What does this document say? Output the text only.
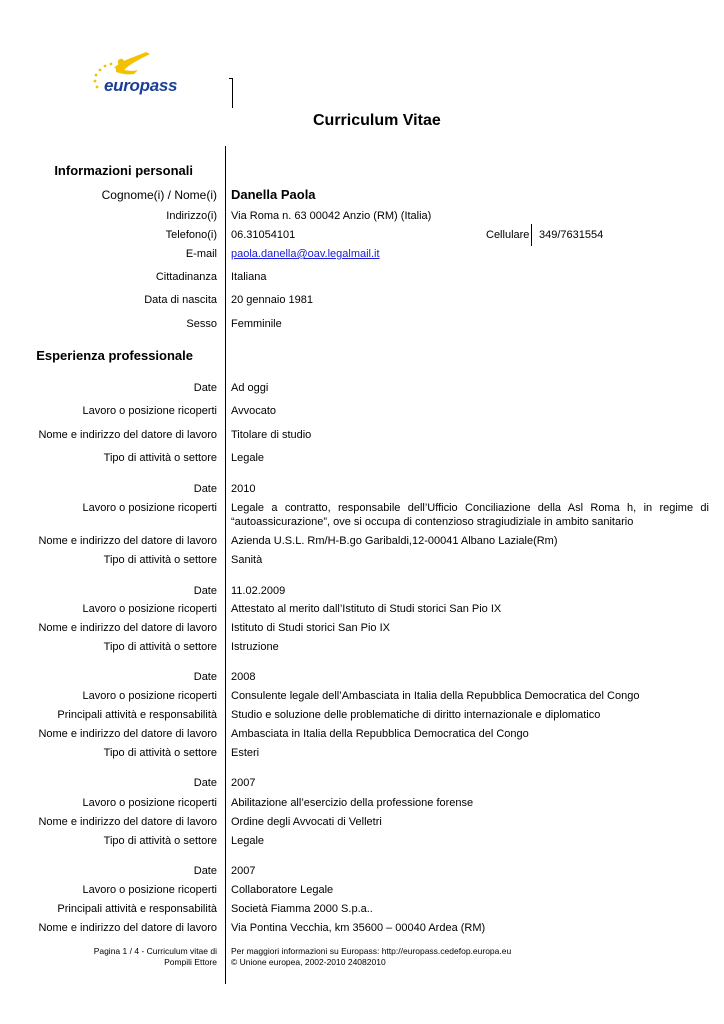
europass
Curriculum Vitae
Informazioni personali
Cognome(i) / Nome(i) Danella Paola
Indirizzo(i) Via Roma n. 63 00042 Anzio (RM) (Italia)
Telefono(i) 06.31054101	Cellulare 349/7631554
E-mail paola.danella@oav.legalmail.it
Cittadinanza Italiana
Data di nascita 20 gennaio 1981
Sesso Femminile
Esperienza professionale
Date Ad oggi
Lavoro o posizione ricoperti Avvocato
Nome e indirizzo del datore di lavoro Titolare di studio
Tipo di attività o settore Legale
Date 2010
Lavoro o posizione ricoperti Legale a contratto, responsabile dell’Ufficio Conciliazione della Asl Roma h, in regime di “autoassicurazione”, ove si occupa di contenzioso stragiudiziale in ambito sanitario
Nome e indirizzo del datore di lavoro Azienda U.S.L. Rm/H-B.go Garibaldi,12-00041 Albano Laziale(Rm)
Tipo di attività o settore Sanità
Date 11.02.2009
Lavoro o posizione ricoperti Attestato al merito dall’Istituto di Studi storici San Pio IX
Nome e indirizzo del datore di lavoro Istituto di Studi storici San Pio IX
Tipo di attività o settore Istruzione
Date 2008
Lavoro o posizione ricoperti Consulente legale dell’Ambasciata in Italia della Repubblica Democratica del Congo
Principali attività e responsabilità Studio e soluzione delle problematiche di diritto internazionale e diplomatico
Nome e indirizzo del datore di lavoro Ambasciata in Italia della Repubblica Democratica del Congo
Tipo di attività o settore Esteri
Date 2007
Lavoro o posizione ricoperti Abilitazione all’esercizio della professione forense
Nome e indirizzo del datore di lavoro Ordine degli Avvocati di Velletri
Tipo di attività o settore Legale
Date 2007
Lavoro o posizione ricoperti Collaboratore Legale
Principali attività e responsabilità Società Fiamma 2000 S.p.a..
Nome e indirizzo del datore di lavoro Via Pontina Vecchia, km 35600 – 00040 Ardea (RM)
Pagina 1 / 4 - Curriculum vitae di
Pompili Ettore
Per maggiori informazioni su Europass: http://europass.cedefop.europa.eu
© Unione europea, 2002-2010 24082010
